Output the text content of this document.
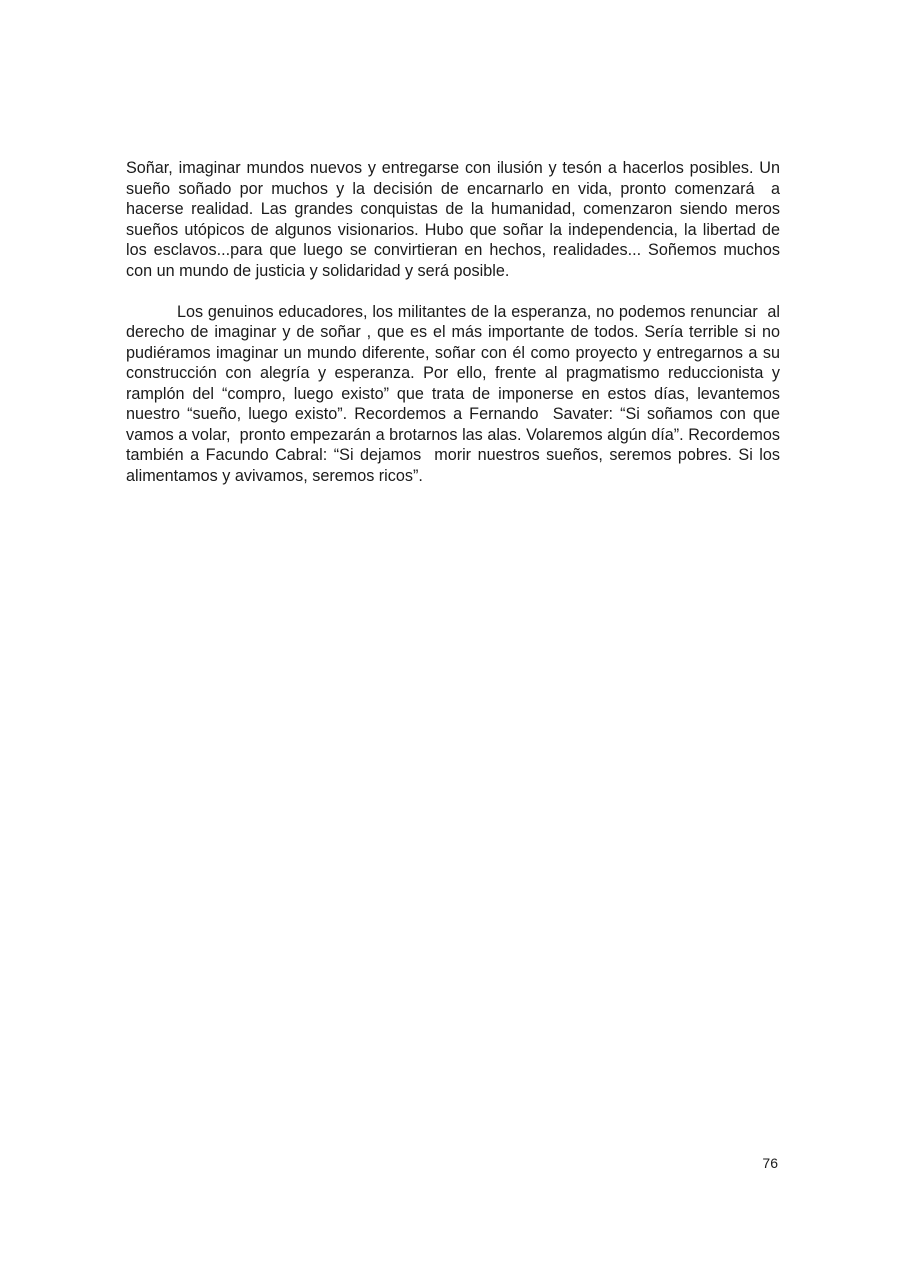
Soñar, imaginar mundos nuevos y entregarse con ilusión y tesón a hacerlos posibles. Un sueño soñado por muchos y la decisión de encarnarlo en vida, pronto comenzará  a hacerse realidad. Las grandes conquistas de la humanidad, comenzaron siendo meros sueños utópicos de algunos visionarios. Hubo que soñar la independencia, la libertad de los esclavos...para que luego se convirtieran en hechos, realidades... Soñemos muchos  con un mundo de justicia y solidaridad y será posible.

Los genuinos educadores, los militantes de la esperanza, no podemos renunciar  al derecho de imaginar y de soñar , que es el más importante de todos. Sería terrible si no pudiéramos imaginar un mundo diferente, soñar con él como proyecto y entregarnos a su construcción con alegría y esperanza. Por ello, frente al pragmatismo reduccionista y ramplón del “compro, luego existo” que trata de imponerse en estos días, levantemos nuestro “sueño, luego existo”. Recordemos a Fernando  Savater: “Si soñamos con que vamos a volar,  pronto empezarán a brotarnos las alas. Volaremos algún día”. Recordemos también a Facundo Cabral: “Si dejamos  morir nuestros sueños, seremos pobres. Si los alimentamos y avivamos, seremos ricos”.

76
